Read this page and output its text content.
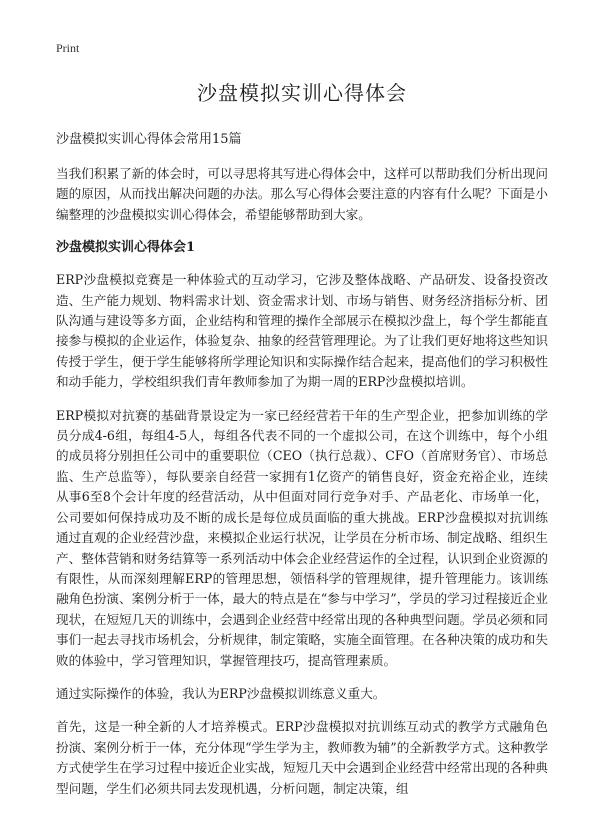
Print
沙盘模拟实训心得体会
沙盘模拟实训心得体会常用15篇

当我们积累了新的体会时，可以寻思将其写进心得体会中，这样可以帮助我们分析出现问题的原因，从而找出解决问题的办法。那么写心得体会要注意的内容有什么呢？下面是小编整理的沙盘模拟实训心得体会，希望能够帮助到大家。

沙盘模拟实训心得体会1

ERP沙盘模拟竞赛是一种体验式的互动学习，它涉及整体战略、产品研发、设备投资改造、生产能力规划、物料需求计划、资金需求计划、市场与销售、财务经济指标分析、团队沟通与建设等多方面，企业结构和管理的操作全部展示在模拟沙盘上，每个学生都能直接参与模拟的企业运作，体验复杂、抽象的经营管理理论。为了让我们更好地将这些知识传授于学生，便于学生能够将所学理论知识和实际操作结合起来，提高他们的学习积极性和动手能力，学校组织我们青年教师参加了为期一周的ERP沙盘模拟培训。

ERP模拟对抗赛的基础背景设定为一家已经经营若干年的生产型企业，把参加训练的学员分成4-6组，每组4-5人，每组各代表不同的一个虚拟公司，在这个训练中，每个小组的成员将分别担任公司中的重要职位（CEO（执行总裁）、CFO（首席财务官）、市场总监、生产总监等），每队要亲自经营一家拥有1亿资产的销售良好，资金充裕企业，连续从事6至8个会计年度的经营活动，从中但面对同行竞争对手、产品老化、市场单一化，公司要如何保持成功及不断的成长是每位成员面临的重大挑战。ERP沙盘模拟对抗训练通过直观的企业经营沙盘，来模拟企业运行状况，让学员在分析市场、制定战略、组织生产、整体营销和财务结算等一系列活动中体会企业经营运作的全过程，认识到企业资源的有限性，从而深刻理解ERP的管理思想，领悟科学的管理规律，提升管理能力。该训练融角色扮演、案例分析于一体，最大的特点是在“参与中学习”，学员的学习过程接近企业现状，在短短几天的训练中，会遇到企业经营中经常出现的各种典型问题。学员必须和同事们一起去寻找市场机会，分析规律，制定策略，实施全面管理。在各种决策的成功和失败的体验中，学习管理知识，掌握管理技巧，提高管理素质。

通过实际操作的体验，我认为ERP沙盘模拟训练意义重大。

首先，这是一种全新的人才培养模式。ERP沙盘模拟对抗训练互动式的教学方式融角色扮演、案例分析于一体，充分体现“学生学为主，教师教为辅”的全新教学方式。这种教学方式使学生在学习过程中接近企业实战，短短几天中会遇到企业经营中经常出现的各种典型问题，学生们必须共同去发现机遇，分析问题，制定决策，组
